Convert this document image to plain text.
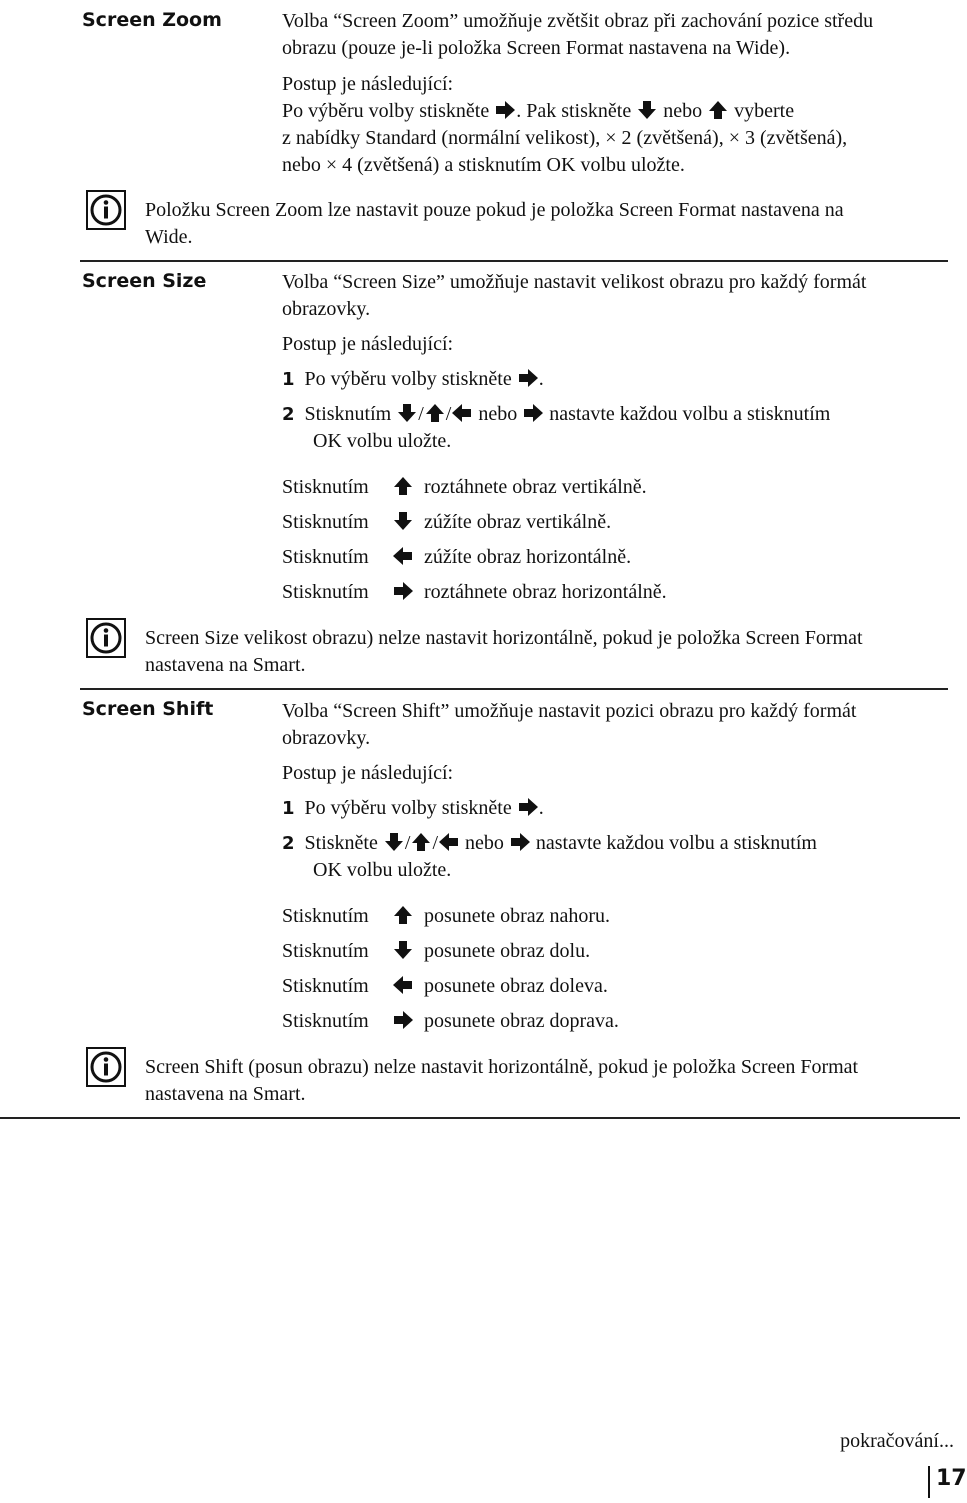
Screen Zoom	Volba “Screen Zoom” umožňuje zvětšit obraz při zachování pozice středu

obrazu (pouze je-li položka Screen Format nastavena na Wide).

Postup je následující:

Po výběru volby stiskněte . Pak stiskněte nebo vyberte

z nabídky Standard (normální velikost), × 2 (zvětšená), × 3 (zvětšená),

nebo × 4 (zvětšená) a stisknutím OK volbu uložte.

Položku Screen Zoom lze nastavit pouze pokud je položka Screen Format nastavena na

Wide.

Screen Size	Volba “Screen Size” umožňuje nastavit velikost obrazu pro každý formát

obrazovky.

Postup je následující:

1 Po výběru volby stiskněte .

2 Stisknutím / / nebo nastavte každou volbu a stisknutím

OK volbu uložte.

Stisknutím	roztáhnete obraz vertikálně.

Stisknutím	zúžíte obraz vertikálně.

Stisknutím	zúžíte obraz horizontálně.

Stisknutím	roztáhnete obraz horizontálně.

Screen Size velikost obrazu) nelze nastavit horizontálně, pokud je položka Screen Format

nastavena na Smart.

Screen Shift	Volba “Screen Shift” umožňuje nastavit pozici obrazu pro každý formát

obrazovky.

Postup je následující:

1 Po výběru volby stiskněte .

2 Stiskněte / / nebo nastavte každou volbu a stisknutím

OK volbu uložte.

Stisknutím	posunete obraz nahoru.

Stisknutím	posunete obraz dolu.

Stisknutím	posunete obraz doleva.

Stisknutím	posunete obraz doprava.

Screen Shift (posun obrazu) nelze nastavit horizontálně, pokud je položka Screen Format

nastavena na Smart.

pokračování...
17
